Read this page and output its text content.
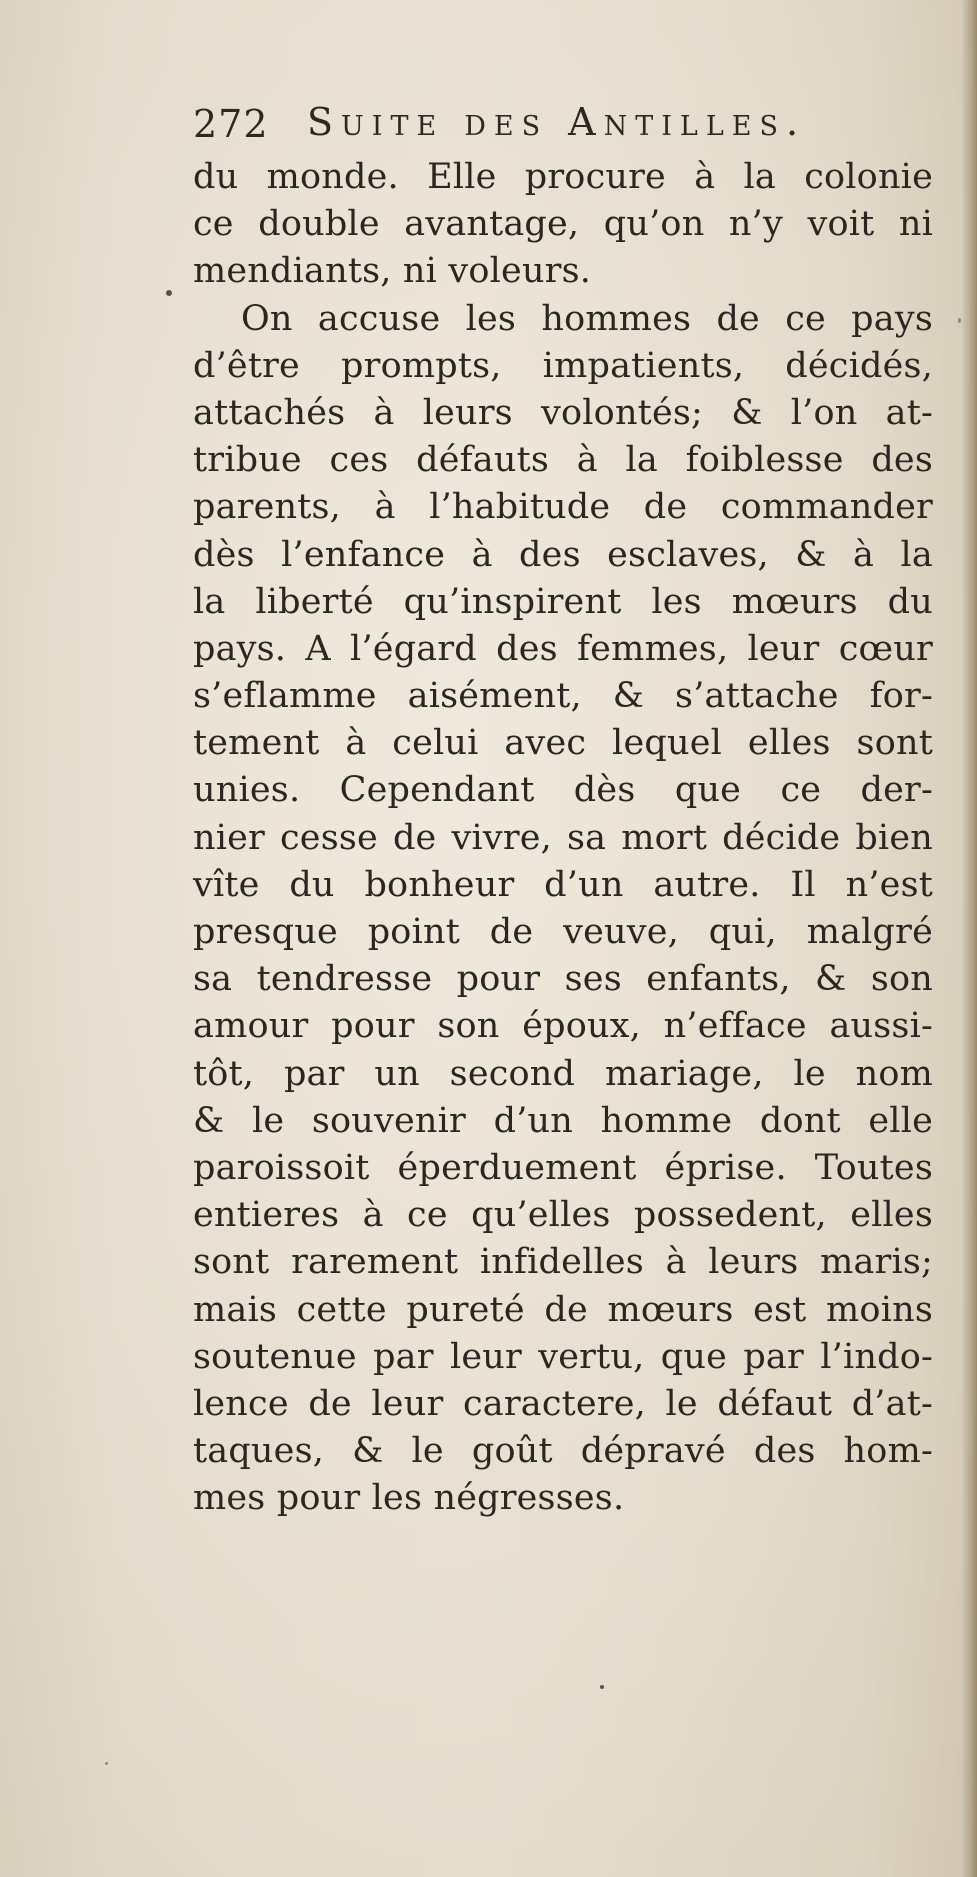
272 Suite des Antilles.
du monde. Elle procure à la colonie
ce double avantage, qu’on n’y voit ni
mendiants, ni voleurs.
On accuse les hommes de ce pays
d’être prompts, impatients, décidés,
attachés à leurs volontés; & l’on at-
tribue ces défauts à la foiblesse des
parents, à l’habitude de commander
dès l’enfance à des esclaves, & à la
la liberté qu’inspirent les mœurs du
pays. A l’égard des femmes, leur cœur
s’eflamme aisément, & s’attache for-
tement à celui avec lequel elles sont
unies. Cependant dès que ce der-
nier cesse de vivre, sa mort décide bien
vîte du bonheur d’un autre. Il n’est
presque point de veuve, qui, malgré
sa tendresse pour ses enfants, & son
amour pour son époux, n’efface aussi-
tôt, par un second mariage, le nom
& le souvenir d’un homme dont elle
paroissoit éperduement éprise. Toutes
entieres à ce qu’elles possedent, elles
sont rarement infidelles à leurs maris;
mais cette pureté de mœurs est moins
soutenue par leur vertu, que par l’indo-
lence de leur caractere, le défaut d’at-
taques, & le goût dépravé des hom-
mes pour les négresses.
